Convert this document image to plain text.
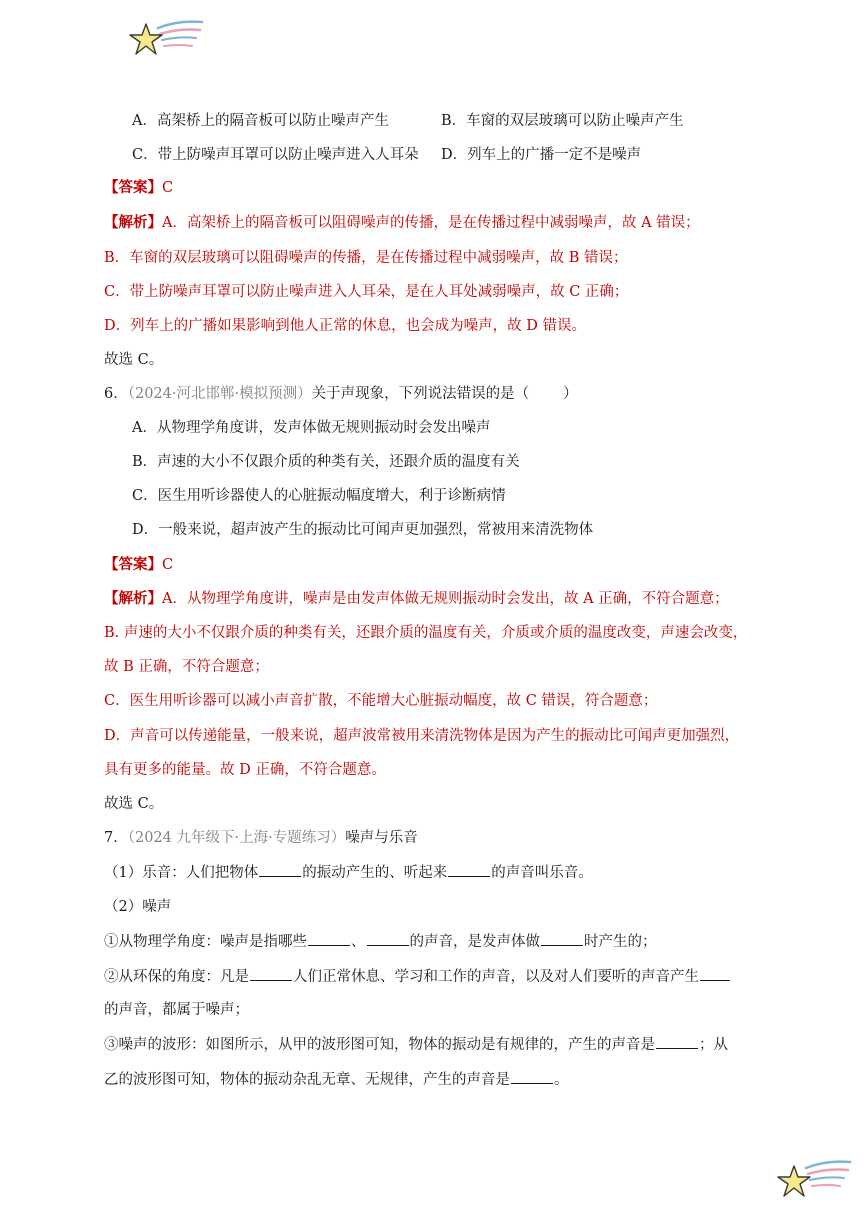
A．高架桥上的隔音板可以防止噪声产生	B．车窗的双层玻璃可以防止噪声产生
C．带上防噪声耳罩可以防止噪声进入人耳朵 D．列车上的广播一定不是噪声
【答案】C
【解析】A．高架桥上的隔音板可以阻碍噪声的传播，是在传播过程中减弱噪声，故 A 错误；
B．车窗的双层玻璃可以阻碍噪声的传播，是在传播过程中减弱噪声，故 B 错误；
C．带上防噪声耳罩可以防止噪声进入人耳朵，是在人耳处减弱噪声，故 C 正确；
D．列车上的广播如果影响到他人正常的休息，也会成为噪声，故 D 错误。
故选 C。
6．（2024·河北邯郸·模拟预测）关于声现象，下列说法错误的是（ ）
A．从物理学角度讲，发声体做无规则振动时会发出噪声
B．声速的大小不仅跟介质的种类有关，还跟介质的温度有关
C．医生用听诊器使人的心脏振动幅度增大，利于诊断病情
D．一般来说，超声波产生的振动比可闻声更加强烈，常被用来清洗物体
【答案】C
【解析】A．从物理学角度讲，噪声是由发声体做无规则振动时会发出，故 A 正确，不符合题意；
B. 声速的大小不仅跟介质的种类有关，还跟介质的温度有关，介质或介质的温度改变，声速会改变，
故 B 正确，不符合题意；
C．医生用听诊器可以减小声音扩散，不能增大心脏振动幅度，故 C 错误，符合题意；
D．声音可以传递能量，一般来说，超声波常被用来清洗物体是因为产生的振动比可闻声更加强烈，
具有更多的能量。故 D 正确，不符合题意。
故选 C。
7．（2024 九年级下·上海·专题练习）噪声与乐音
（1）乐音：人们把物体	的振动产生的、听起来	的声音叫乐音。
（2）噪声
①从物理学角度：噪声是指哪些	、	的声音，是发声体做	时产生的；
②从环保的角度：凡是	人们正常休息、学习和工作的声音，以及对人们要听的声音产生
的声音，都属于噪声；
③噪声的波形：如图所示，从甲的波形图可知，物体的振动是有规律的，产生的声音是	；从
乙的波形图可知，物体的振动杂乱无章、无规律，产生的声音是	。
